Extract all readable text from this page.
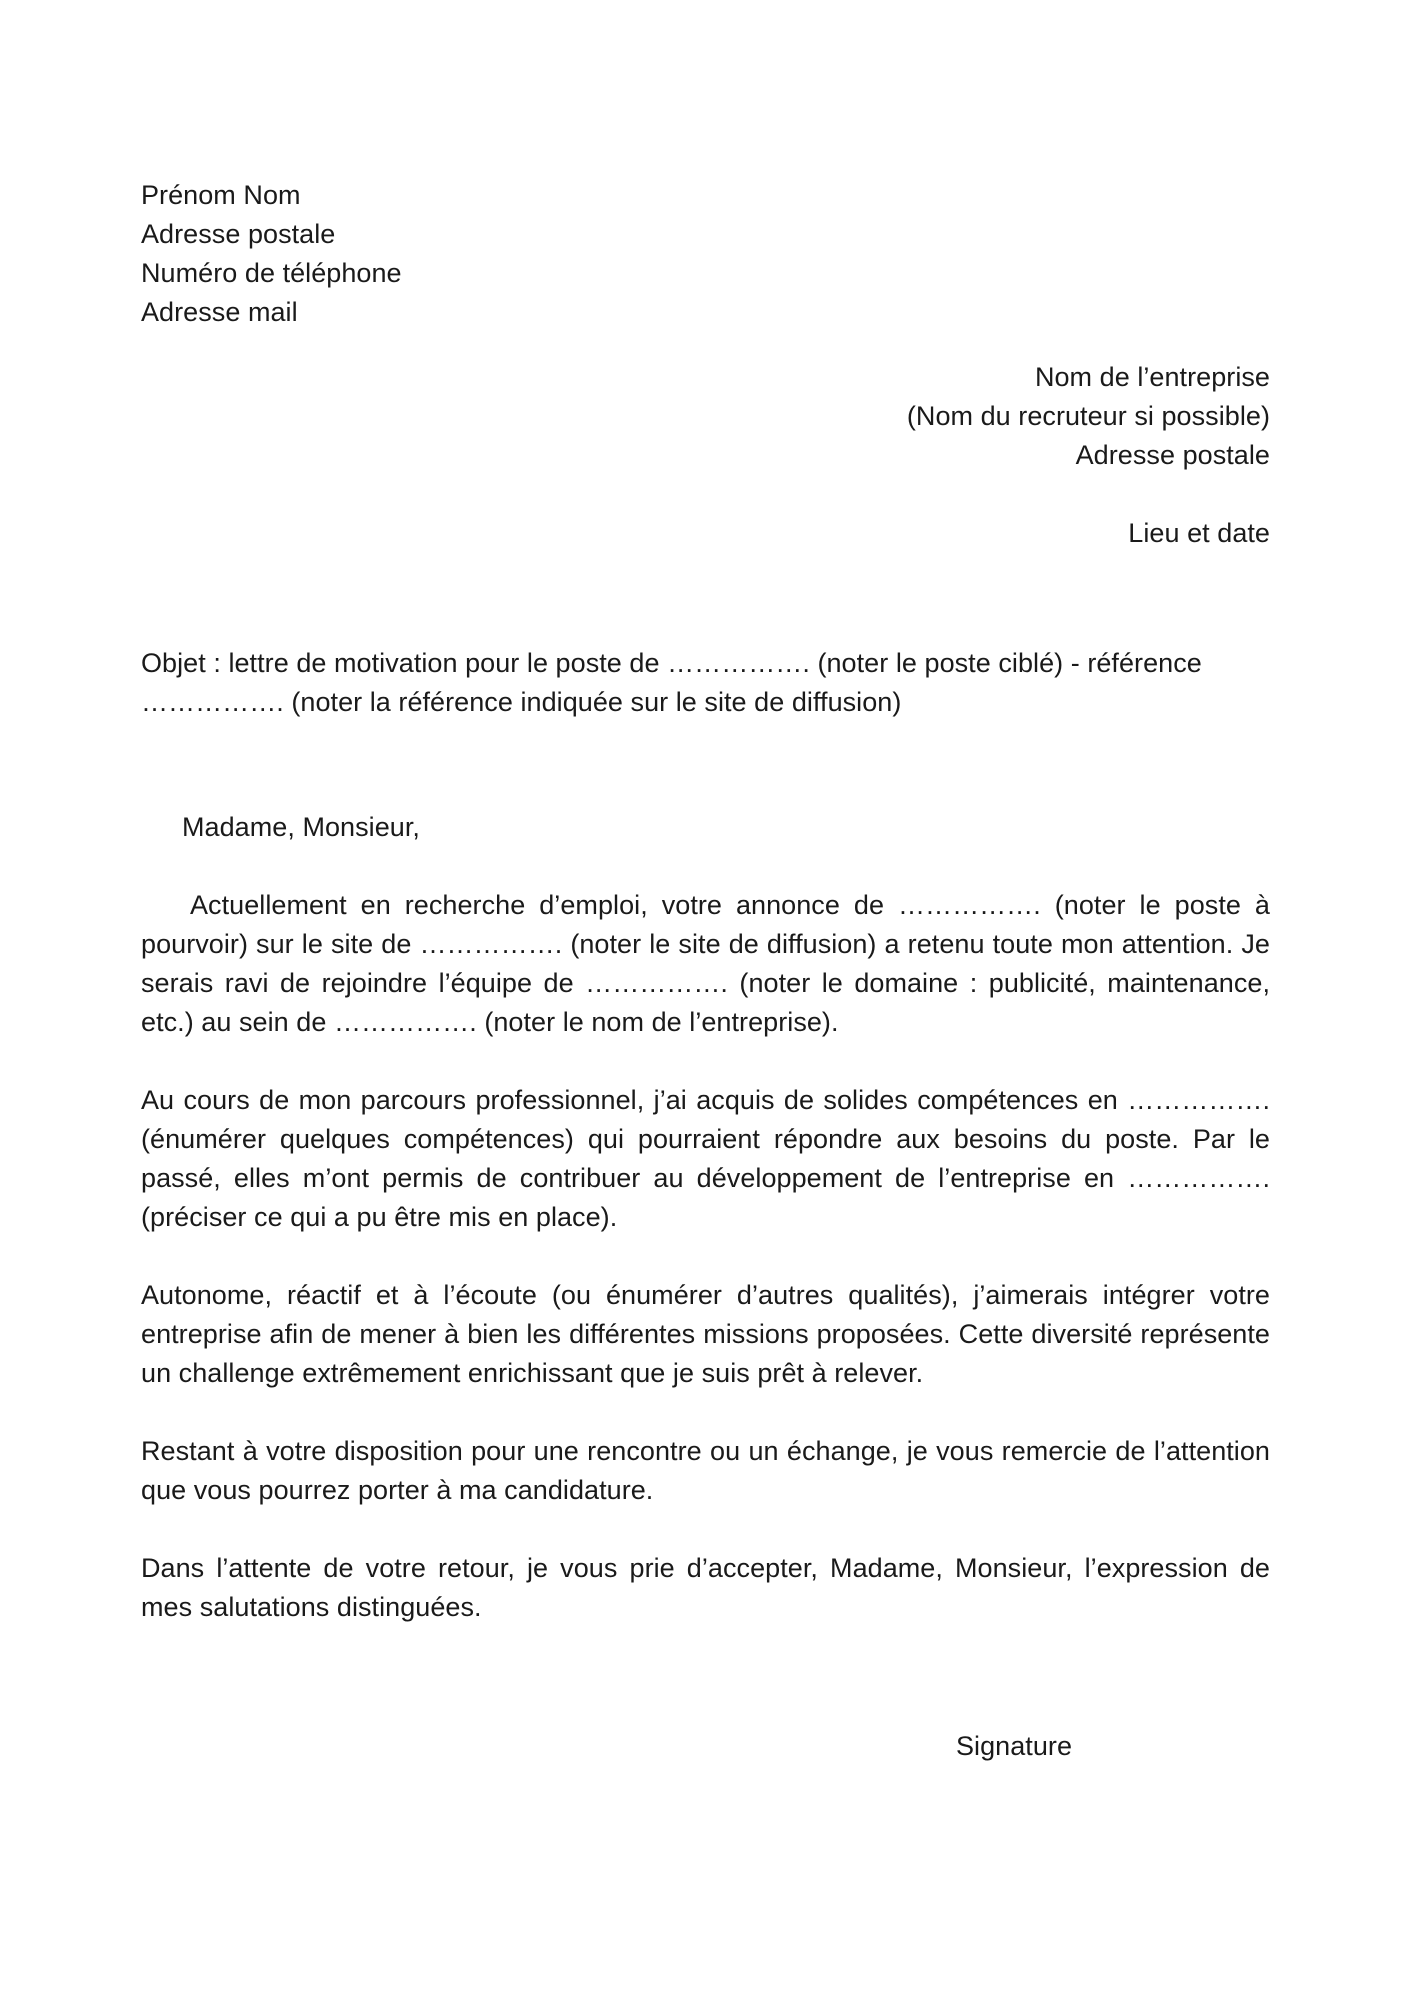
Prénom Nom
Adresse postale
Numéro de téléphone
Adresse mail
Nom de l’entreprise
(Nom du recruteur si possible)
Adresse postale
Lieu et date
Objet : lettre de motivation pour le poste de ……………. (noter le poste ciblé) - référence ……………. (noter la référence indiquée sur le site de diffusion)
Madame, Monsieur,
Actuellement en recherche d’emploi, votre annonce de ……………. (noter le poste à pourvoir) sur le site de ……………. (noter le site de diffusion) a retenu toute mon attention. Je serais ravi de rejoindre l’équipe de ……………. (noter le domaine : publicité, maintenance, etc.) au sein de ……………. (noter le nom de l’entreprise).
Au cours de mon parcours professionnel, j’ai acquis de solides compétences en ……………. (énumérer quelques compétences) qui pourraient répondre aux besoins du poste. Par le passé, elles m’ont permis de contribuer au développement de l’entreprise en ……………. (préciser ce qui a pu être mis en place).
Autonome, réactif et à l’écoute (ou énumérer d’autres qualités), j’aimerais intégrer votre entreprise afin de mener à bien les différentes missions proposées. Cette diversité représente un challenge extrêmement enrichissant que je suis prêt à relever.
Restant à votre disposition pour une rencontre ou un échange, je vous remercie de l’attention que vous pourrez porter à ma candidature.
Dans l’attente de votre retour, je vous prie d’accepter, Madame, Monsieur, l’expression de mes salutations distinguées.
Signature
